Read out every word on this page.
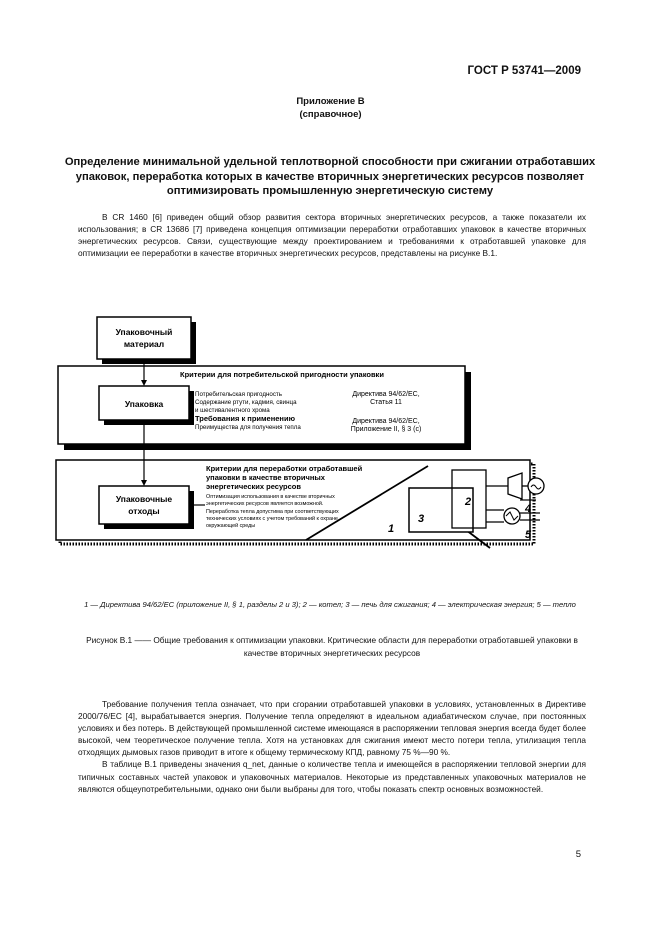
ГОСТ Р 53741—2009
Приложение В
(справочное)
Определение минимальной удельной теплотворной способности при сжигании отработавших упаковок, переработка которых в качестве вторичных энергетических ресурсов позволяет оптимизировать промышленную энергетическую систему

В CR 1460 [6] приведен общий обзор развития сектора вторичных энергетических ресурсов, а также показатели их использования; в CR 13686 [7] приведена концепция оптимизации переработки отработавших упаковок в качестве вторичных энергетических ресурсов. Связи, существующие между проектированием и требованиями к отработавшей упаковке для оптимизации ее переработки в качестве вторичных энергетических ресурсов, представлены на рисунке В.1.

Упаковочный
материал
Критерии для потребительской пригодности упаковки
Упаковка
Потребительская пригодность
Содержание ртути, кадмия, свинца
и шестивалентного хрома
Требования к применению
Преимущества для получения тепла
Директива 94/62/ЕС,
Статья 11
Директива 94/62/ЕС,
Приложение II, § 3 (с)
Критерии для переработки отработавшей
упаковки в качестве вторичных
энергетических ресурсов
Оптимизация использования в качестве вторичных
энергетических ресурсов является возможной.
Переработка тепла допустима при соответствующих
технических условиях с учетом требований к охране
окружающей среды
Упаковочные
отходы
1
2
3
4
5
1 — Директива 94/62/ЕС (приложение II, § 1, разделы 2 и 3); 2 — котел; 3 — печь для сжигания; 4 — электрическая энергия; 5 — тепло
Рисунок В.1 —— Общие требования к оптимизации упаковки. Критические области для переработки отработавшей упаковки в качестве вторичных энергетических ресурсов

Требование получения тепла означает, что при сгорании отработавшей упаковки в условиях, установленных в Директиве 2000/76/ЕС [4], вырабатывается энергия. Получение тепла определяют в идеальном адиабатическом случае, при постоянных условиях и без потерь. В действующей промышленной системе имеющаяся в распоряжении тепловая энергия всегда будет более высокой, чем теоретическое получение тепла. Хотя на установках для сжигания имеют место потери тепла, утилизация тепла отходящих дымовых газов приводит в итоге к общему термическому КПД, равному 75 %—90 %.

В таблице В.1 приведены значения q_net, данные о количестве тепла и имеющейся в распоряжении тепловой энергии для типичных составных частей упаковок и упаковочных материалов. Некоторые из представленных упаковочных материалов не являются общеупотребительными, однако они были выбраны для того, чтобы показать спектр основных возможностей.

5
